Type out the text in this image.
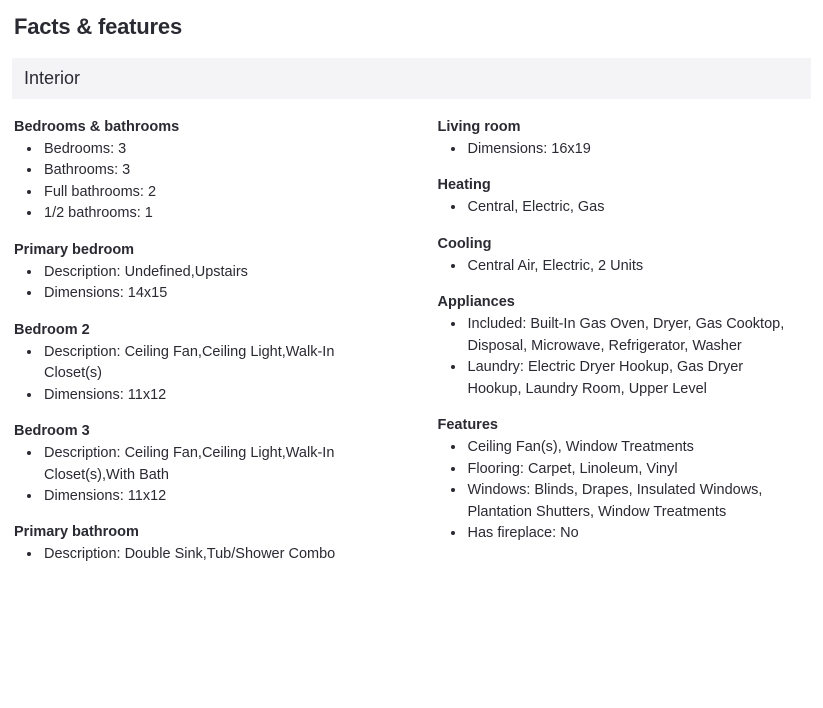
Facts & features
Interior
Bedrooms & bathrooms
• Bedrooms: 3
• Bathrooms: 3
• Full bathrooms: 2
• 1/2 bathrooms: 1
Primary bedroom
• Description: Undefined,Upstairs
• Dimensions: 14x15
Bedroom 2
• Description: Ceiling Fan,Ceiling Light,Walk-In Closet(s)
• Dimensions: 11x12
Bedroom 3
• Description: Ceiling Fan,Ceiling Light,Walk-In Closet(s),With Bath
• Dimensions: 11x12
Primary bathroom
• Description: Double Sink,Tub/Shower Combo
Living room
• Dimensions: 16x19
Heating
• Central, Electric, Gas
Cooling
• Central Air, Electric, 2 Units
Appliances
• Included: Built-In Gas Oven, Dryer, Gas Cooktop, Disposal, Microwave, Refrigerator, Washer
• Laundry: Electric Dryer Hookup, Gas Dryer Hookup, Laundry Room, Upper Level
Features
• Ceiling Fan(s), Window Treatments
• Flooring: Carpet, Linoleum, Vinyl
• Windows: Blinds, Drapes, Insulated Windows, Plantation Shutters, Window Treatments
• Has fireplace: No
